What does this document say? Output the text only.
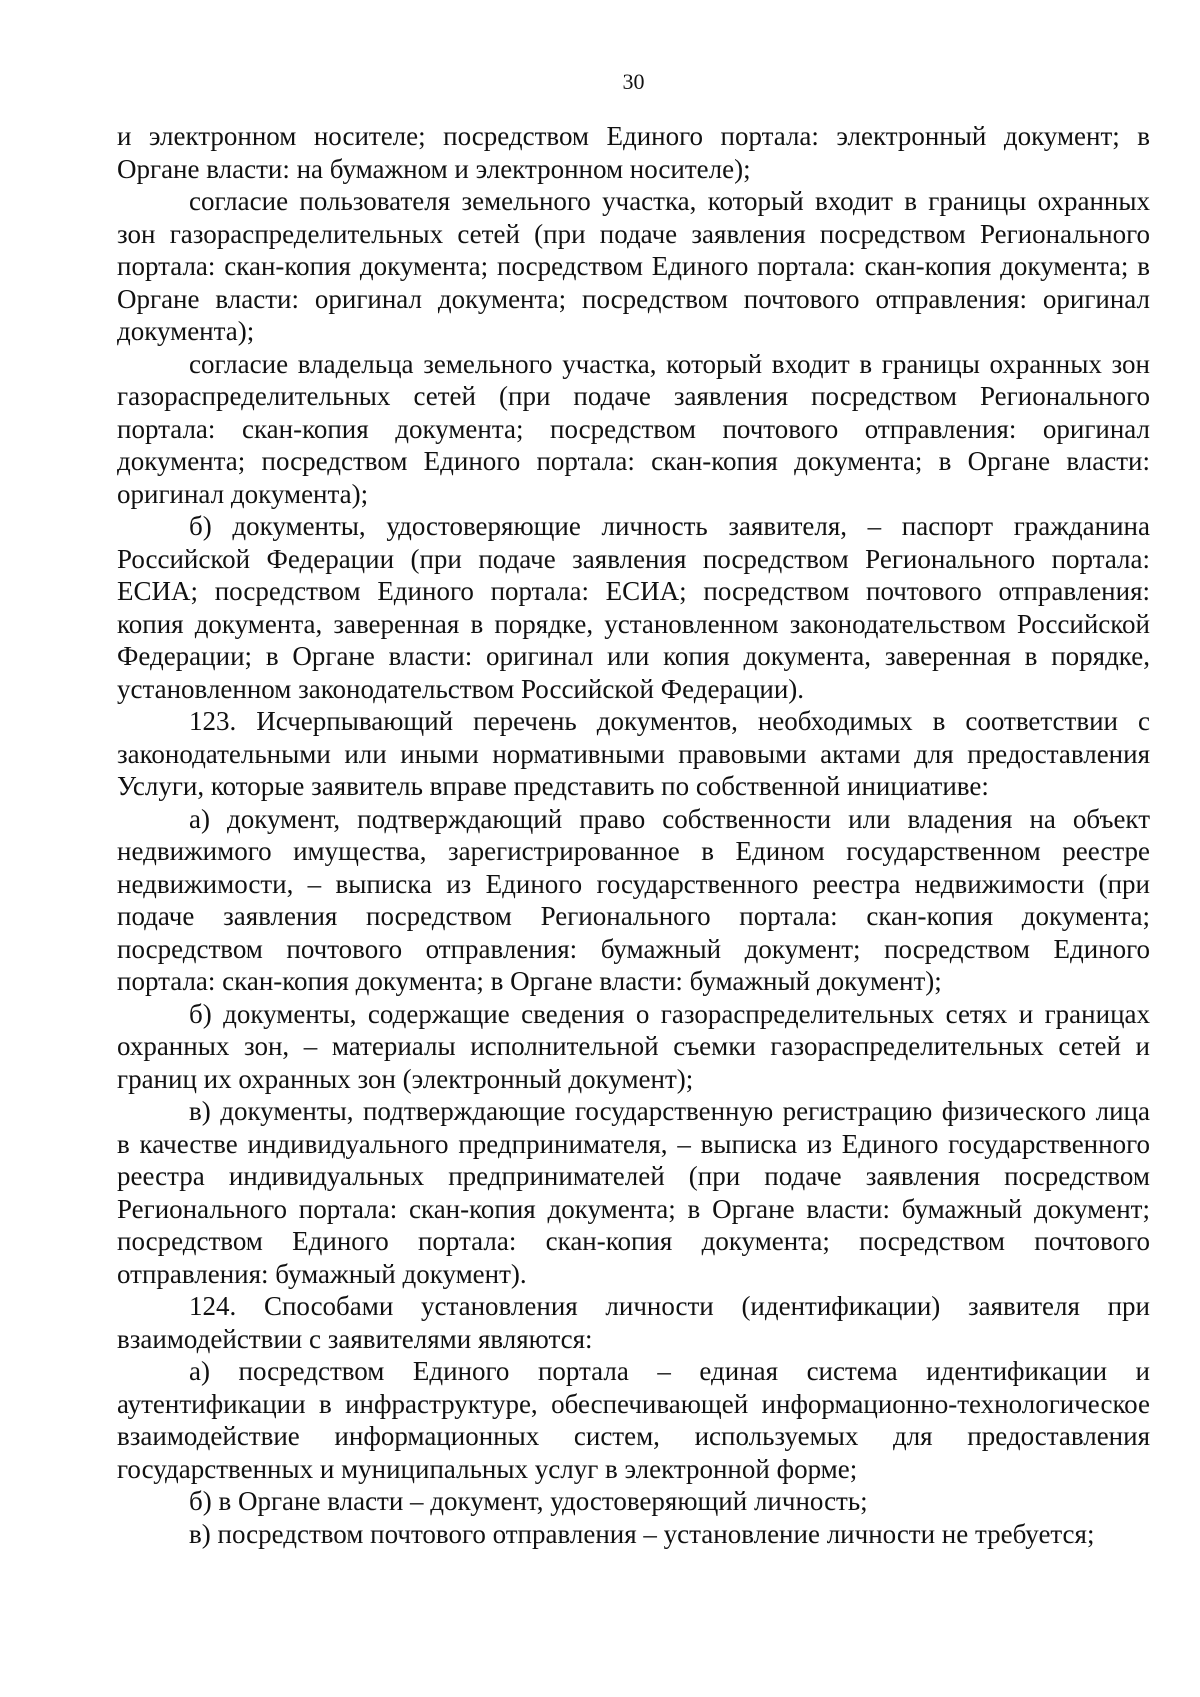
30

и электронном носителе; посредством Единого портала: электронный документ; в Органе власти: на бумажном и электронном носителе);

согласие пользователя земельного участка, который входит в границы охранных зон газораспределительных сетей (при подаче заявления посредством Регионального портала: скан-копия документа; посредством Единого портала: скан-копия документа; в Органе власти: оригинал документа; посредством почтового отправления: оригинал документа);

согласие владельца земельного участка, который входит в границы охранных зон газораспределительных сетей (при подаче заявления посредством Регионального портала: скан-копия документа; посредством почтового отправления: оригинал документа; посредством Единого портала: скан-копия документа; в Органе власти: оригинал документа);

б) документы, удостоверяющие личность заявителя, – паспорт гражданина Российской Федерации (при подаче заявления посредством Регионального портала: ЕСИА; посредством Единого портала: ЕСИА; посредством почтового отправления: копия документа, заверенная в порядке, установленном законодательством Российской Федерации; в Органе власти: оригинал или копия документа, заверенная в порядке, установленном законодательством Российской Федерации).

123. Исчерпывающий перечень документов, необходимых в соответствии с законодательными или иными нормативными правовыми актами для предоставления Услуги, которые заявитель вправе представить по собственной инициативе:

а) документ, подтверждающий право собственности или владения на объект недвижимого имущества, зарегистрированное в Едином государственном реестре недвижимости, – выписка из Единого государственного реестра недвижимости (при подаче заявления посредством Регионального портала: скан-копия документа; посредством почтового отправления: бумажный документ; посредством Единого портала: скан-копия документа; в Органе власти: бумажный документ);

б) документы, содержащие сведения о газораспределительных сетях и границах охранных зон, – материалы исполнительной съемки газораспределительных сетей и границ их охранных зон (электронный документ);

в) документы, подтверждающие государственную регистрацию физического лица в качестве индивидуального предпринимателя, – выписка из Единого государственного реестра индивидуальных предпринимателей (при подаче заявления посредством Регионального портала: скан-копия документа; в Органе власти: бумажный документ; посредством Единого портала: скан-копия документа; посредством почтового отправления: бумажный документ).

124. Способами установления личности (идентификации) заявителя при взаимодействии с заявителями являются:

а) посредством Единого портала – единая система идентификации и аутентификации в инфраструктуре, обеспечивающей информационно-технологическое взаимодействие информационных систем, используемых для предоставления государственных и муниципальных услуг в электронной форме;

б) в Органе власти – документ, удостоверяющий личность;

в) посредством почтового отправления – установление личности не требуется;
